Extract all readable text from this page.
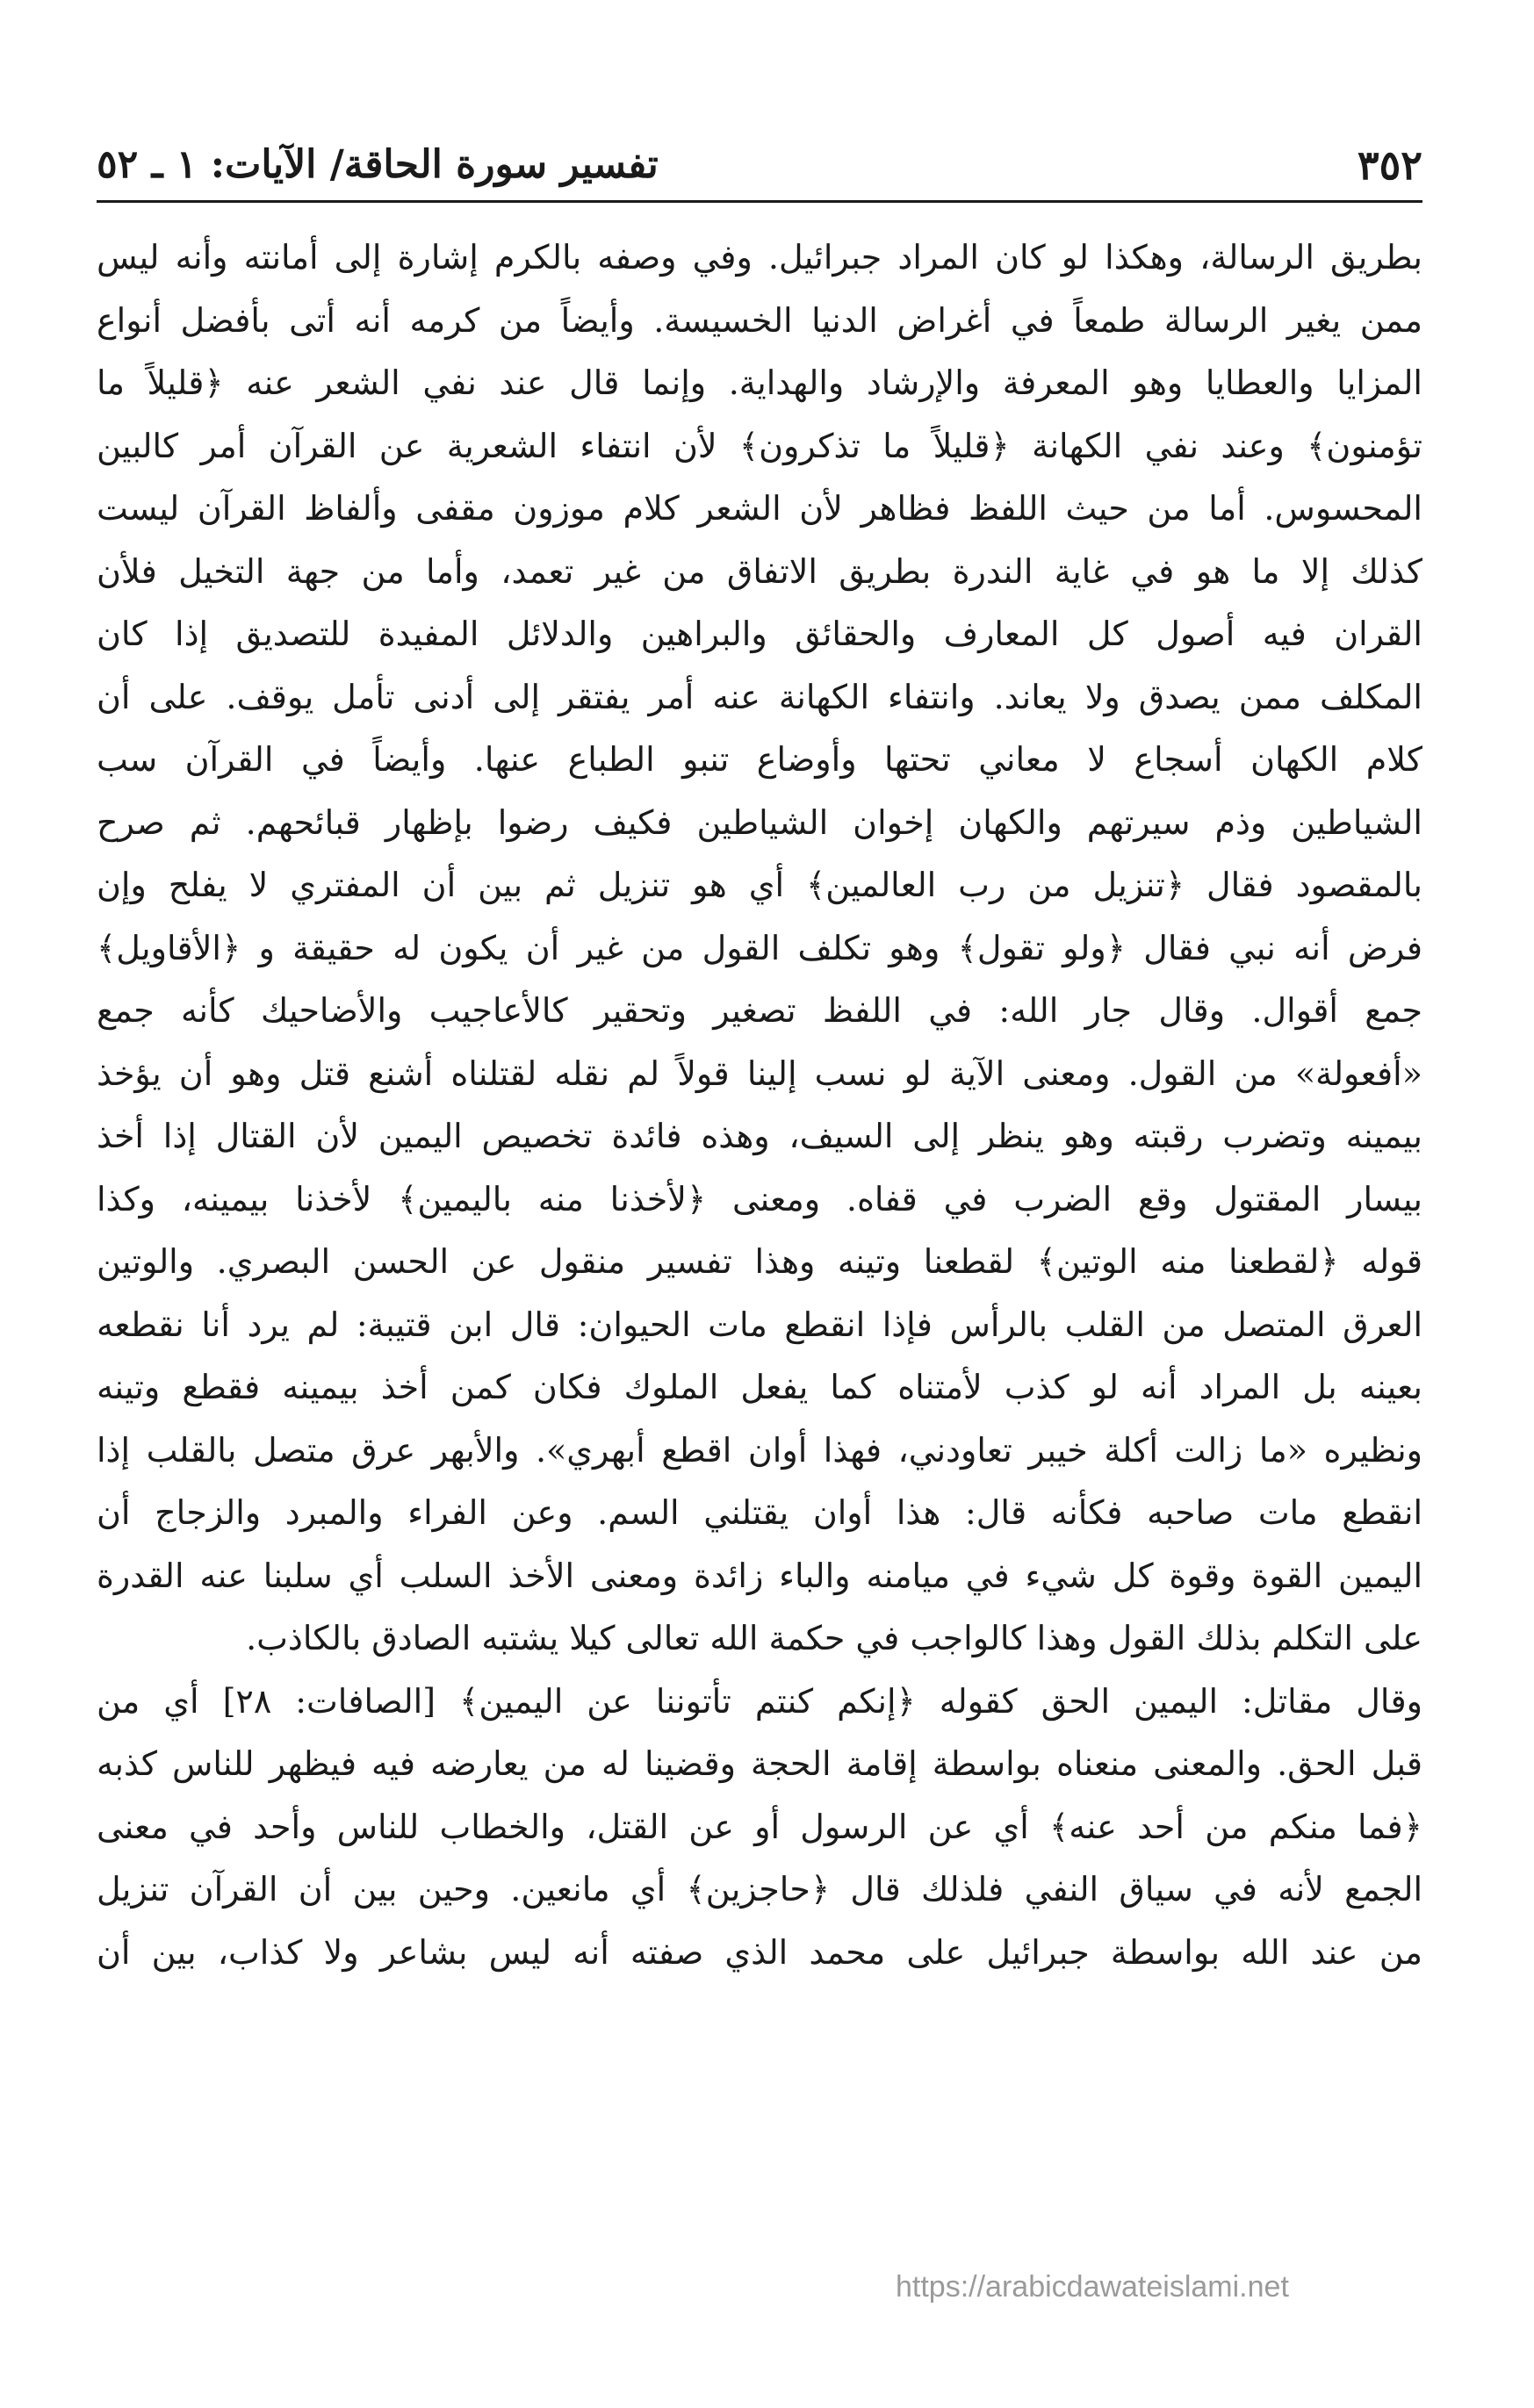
٣٥٢
تفسير سورة الحاقة/ الآيات: ١ ـ ٥٢
بطريق الرسالة، وهكذا لو كان المراد جبرائيل. وفي وصفه بالكرم إشارة إلى أمانته وأنه ليس
ممن يغير الرسالة طمعاً في أغراض الدنيا الخسيسة. وأيضاً من كرمه أنه أتى بأفضل أنواع
المزايا والعطايا وهو المعرفة والإرشاد والهداية. وإنما قال عند نفي الشعر عنه ﴿قليلاً ما
تؤمنون﴾ وعند نفي الكهانة ﴿قليلاً ما تذكرون﴾ لأن انتفاء الشعرية عن القرآن أمر كالبين
المحسوس. أما من حيث اللفظ فظاهر لأن الشعر كلام موزون مقفى وألفاظ القرآن ليست
كذلك إلا ما هو في غاية الندرة بطريق الاتفاق من غير تعمد، وأما من جهة التخيل فلأن
القران فيه أصول كل المعارف والحقائق والبراهين والدلائل المفيدة للتصديق إذا كان
المكلف ممن يصدق ولا يعاند. وانتفاء الكهانة عنه أمر يفتقر إلى أدنى تأمل يوقف. على أن
كلام الكهان أسجاع لا معاني تحتها وأوضاع تنبو الطباع عنها. وأيضاً في القرآن سب
الشياطين وذم سيرتهم والكهان إخوان الشياطين فكيف رضوا بإظهار قبائحهم. ثم صرح
بالمقصود فقال ﴿تنزيل من رب العالمين﴾ أي هو تنزيل ثم بين أن المفتري لا يفلح وإن
فرض أنه نبي فقال ﴿ولو تقول﴾ وهو تكلف القول من غير أن يكون له حقيقة و ﴿الأقاويل﴾
جمع أقوال. وقال جار الله: في اللفظ تصغير وتحقير كالأعاجيب والأضاحيك كأنه جمع
«أفعولة» من القول. ومعنى الآية لو نسب إلينا قولاً لم نقله لقتلناه أشنع قتل وهو أن يؤخذ
بيمينه وتضرب رقبته وهو ينظر إلى السيف، وهذه فائدة تخصيص اليمين لأن القتال إذا أخذ
بيسار المقتول وقع الضرب في قفاه. ومعنى ﴿لأخذنا منه باليمين﴾ لأخذنا بيمينه، وكذا
قوله ﴿لقطعنا منه الوتين﴾ لقطعنا وتينه وهذا تفسير منقول عن الحسن البصري. والوتين
العرق المتصل من القلب بالرأس فإذا انقطع مات الحيوان: قال ابن قتيبة: لم يرد أنا نقطعه
بعينه بل المراد أنه لو كذب لأمتناه كما يفعل الملوك فكان كمن أخذ بيمينه فقطع وتينه
ونظيره «ما زالت أكلة خيبر تعاودني، فهذا أوان اقطع أبهري». والأبهر عرق متصل بالقلب إذا
انقطع مات صاحبه فكأنه قال: هذا أوان يقتلني السم. وعن الفراء والمبرد والزجاج أن
اليمين القوة وقوة كل شيء في ميامنه والباء زائدة ومعنى الأخذ السلب أي سلبنا عنه القدرة
على التكلم بذلك القول وهذا كالواجب في حكمة الله تعالى كيلا يشتبه الصادق بالكاذب.
وقال مقاتل: اليمين الحق كقوله ﴿إنكم كنتم تأتوننا عن اليمين﴾ [الصافات: ٢٨] أي من
قبل الحق. والمعنى منعناه بواسطة إقامة الحجة وقضينا له من يعارضه فيه فيظهر للناس كذبه
﴿فما منكم من أحد عنه﴾ أي عن الرسول أو عن القتل، والخطاب للناس وأحد في معنى
الجمع لأنه في سياق النفي فلذلك قال ﴿حاجزين﴾ أي مانعين. وحين بين أن القرآن تنزيل
من عند الله بواسطة جبرائيل على محمد الذي صفته أنه ليس بشاعر ولا كذاب، بين أن
https://arabicdawateislami.net
